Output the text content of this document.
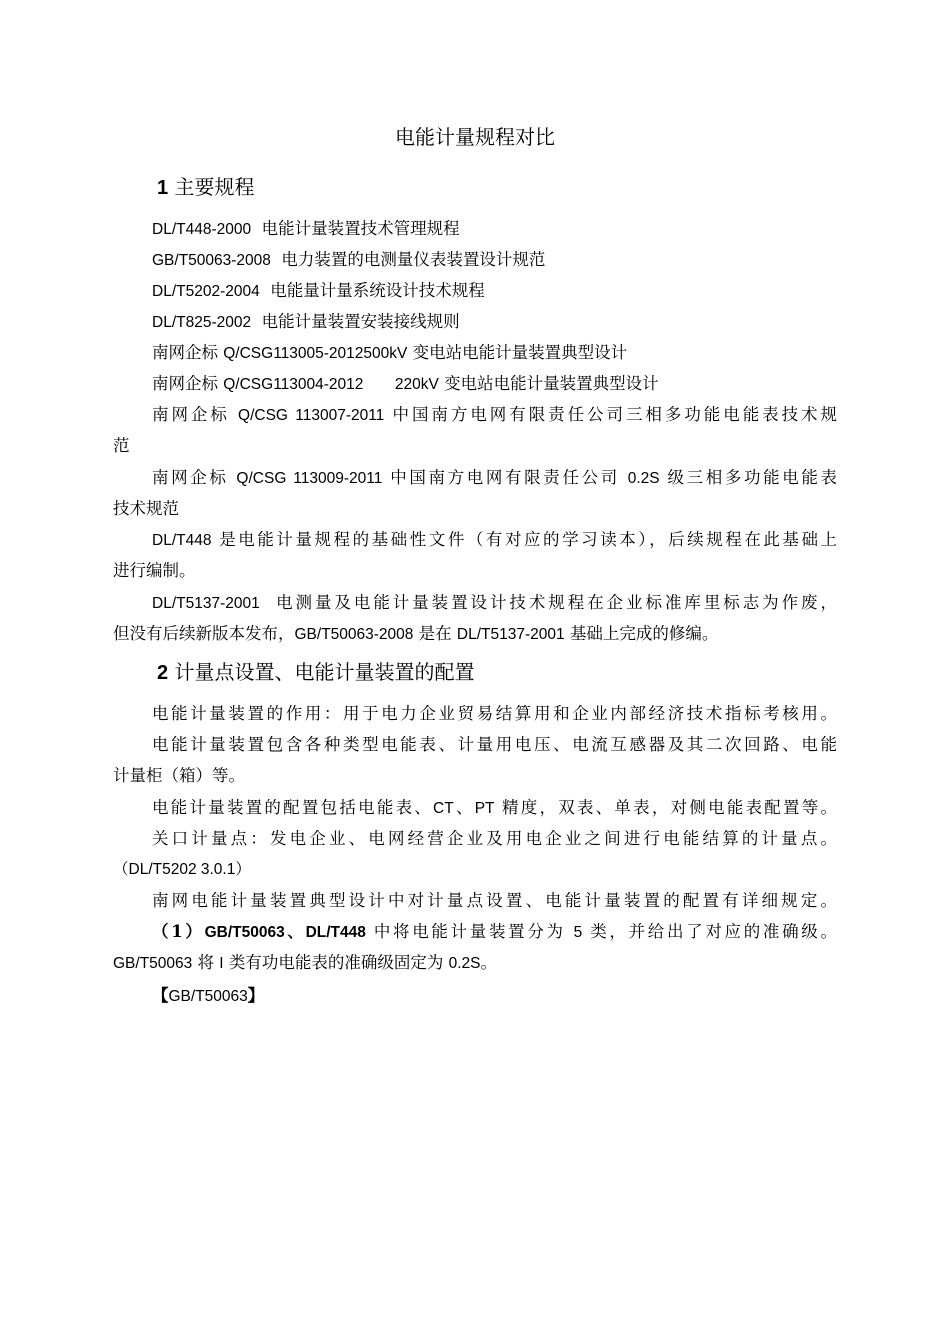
电能计量规程对比
1 主要规程
DL/T448-2000 电能计量装置技术管理规程
GB/T50063-2008 电力装置的电测量仪表装置设计规范
DL/T5202-2004 电能量计量系统设计技术规程
DL/T825-2002 电能计量装置安装接线规则
南网企标 Q/CSG113005-2012500kV 变电站电能计量装置典型设计
南网企标 Q/CSG113004-2012 220kV 变电站电能计量装置典型设计
南网企标 Q/CSG 113007-2011 中国南方电网有限责任公司三相多功能电能表技术规
范
南网企标 Q/CSG 113009-2011 中国南方电网有限责任公司 0.2S 级三相多功能电能表
技术规范
DL/T448 是电能计量规程的基础性文件（有对应的学习读本），后续规程在此基础上
进行编制。
DL/T5137-2001 电测量及电能计量装置设计技术规程在企业标准库里标志为作废，
但没有后续新版本发布，GB/T50063-2008 是在 DL/T5137-2001 基础上完成的修编。
2 计量点设置、电能计量装置的配置
电能计量装置的作用：用于电力企业贸易结算用和企业内部经济技术指标考核用。
电能计量装置包含各种类型电能表、计量用电压、电流互感器及其二次回路、电能
计量柜（箱）等。
电能计量装置的配置包括电能表、CT、PT 精度，双表、单表，对侧电能表配置等。
关口计量点：发电企业、电网经营企业及用电企业之间进行电能结算的计量点。
（DL/T5202 3.0.1）
南网电能计量装置典型设计中对计量点设置、电能计量装置的配置有详细规定。
（1）GB/T50063、DL/T448 中将电能计量装置分为 5 类，并给出了对应的准确级。
GB/T50063 将 I 类有功电能表的准确级固定为 0.2S。
【GB/T50063】
